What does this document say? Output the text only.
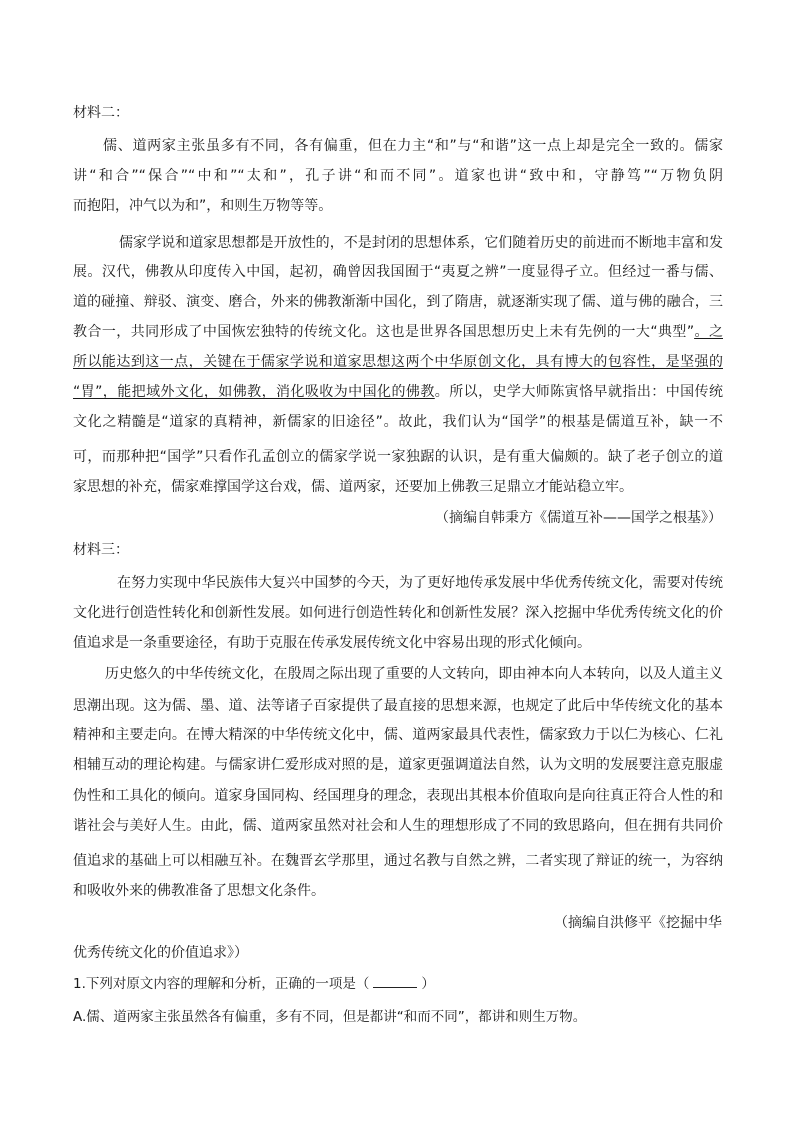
材料二：
儒、道两家主张虽多有不同，各有偏重，但在力主“和”与“和谐”这一点上却是完全一致的。儒家
讲“和合”“保合”“中和”“太和”，孔子讲“和而不同”。道家也讲“致中和，守静笃”“万物负阴
而抱阳，冲气以为和”，和则生万物等等。
儒家学说和道家思想都是开放性的，不是封闭的思想体系，它们随着历史的前进而不断地丰富和发
展。汉代，佛教从印度传入中国，起初，确曾因我国囿于“夷夏之辨”一度显得孑立。但经过一番与儒、
道的碰撞、辩驳、演变、磨合，外来的佛教渐渐中国化，到了隋唐，就逐渐实现了儒、道与佛的融合，三
教合一，共同形成了中国恢宏独特的传统文化。这也是世界各国思想历史上未有先例的一大“典型”。之
所以能达到这一点，关键在于儒家学说和道家思想这两个中华原创文化，具有博大的包容性，是坚强的
“胃”，能把域外文化，如佛教，消化吸收为中国化的佛教。所以，史学大师陈寅恪早就指出：中国传统
文化之精髓是“道家的真精神，新儒家的旧途径”。故此，我们认为“国学”的根基是儒道互补，缺一不
可，而那种把“国学”只看作孔孟创立的儒家学说一家独踞的认识，是有重大偏颇的。缺了老子创立的道
家思想的补充，儒家难撑国学这台戏，儒、道两家，还要加上佛教三足鼎立才能站稳立牢。
（摘编自韩秉方《儒道互补——国学之根基》）
材料三：
在努力实现中华民族伟大复兴中国梦的今天，为了更好地传承发展中华优秀传统文化，需要对传统
文化进行创造性转化和创新性发展。如何进行创造性转化和创新性发展？深入挖掘中华优秀传统文化的价
值追求是一条重要途径，有助于克服在传承发展传统文化中容易出现的形式化倾向。
历史悠久的中华传统文化，在殷周之际出现了重要的人文转向，即由神本向人本转向，以及人道主义
思潮出现。这为儒、墨、道、法等诸子百家提供了最直接的思想来源，也规定了此后中华传统文化的基本
精神和主要走向。在博大精深的中华传统文化中，儒、道两家最具代表性，儒家致力于以仁为核心、仁礼
相辅互动的理论构建。与儒家讲仁爱形成对照的是，道家更强调道法自然，认为文明的发展要注意克服虚
伪性和工具化的倾向。道家身国同构、经国理身的理念，表现出其根本价值取向是向往真正符合人性的和
谐社会与美好人生。由此，儒、道两家虽然对社会和人生的理想形成了不同的致思路向，但在拥有共同价
值追求的基础上可以相融互补。在魏晋玄学那里，通过名教与自然之辨，二者实现了辩证的统一，为容纳
和吸收外来的佛教准备了思想文化条件。
（摘编自洪修平《挖掘中华
优秀传统文化的价值追求》）
1.下列对原文内容的理解和分析，正确的一项是（	）
A.儒、道两家主张虽然各有偏重，多有不同，但是都讲“和而不同”，都讲和则生万物。
